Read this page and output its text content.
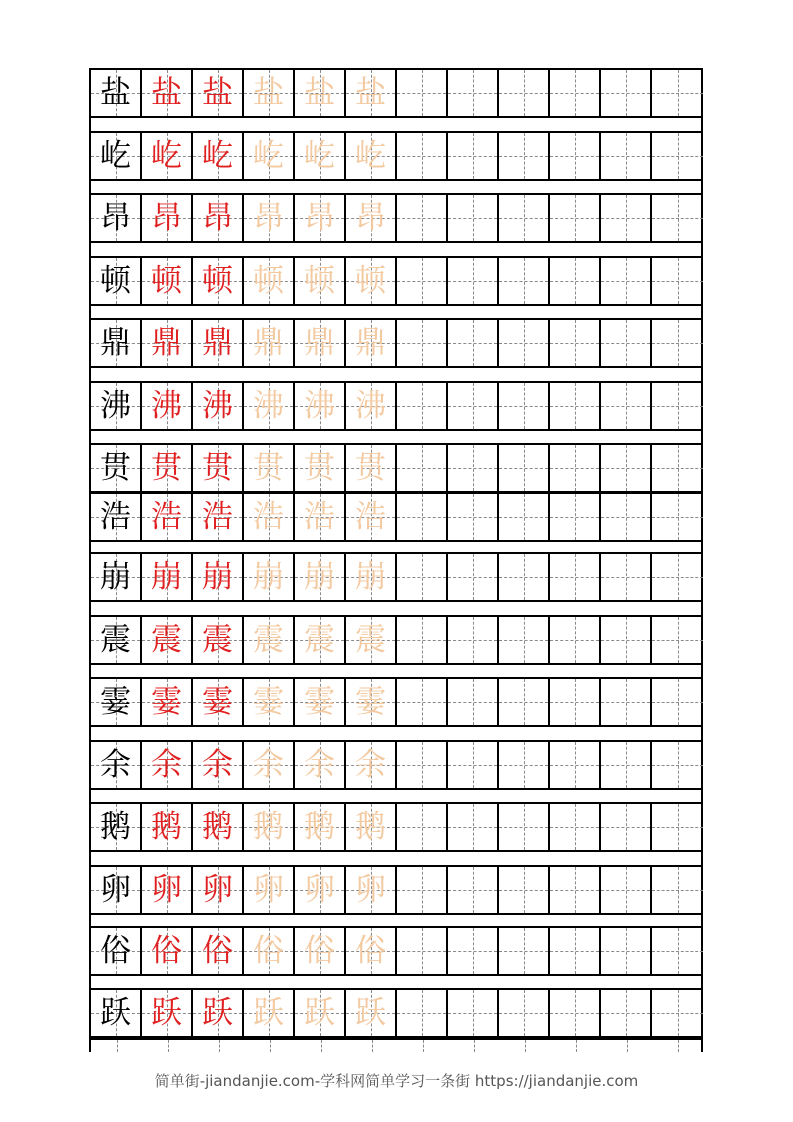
盐 盐 盐 盐 盐 盐
屹 屹 屹 屹 屹 屹
昂 昂 昂 昂 昂 昂
顿 顿 顿 顿 顿 顿
鼎 鼎 鼎 鼎 鼎 鼎
沸 沸 沸 沸 沸 沸
贯 贯 贯 贯 贯 贯
浩 浩 浩 浩 浩 浩
崩 崩 崩 崩 崩 崩
震 震 震 震 震 震
霎 霎 霎 霎 霎 霎
余 余 余 余 余 余
鹅 鹅 鹅 鹅 鹅 鹅
卵 卵 卵 卵 卵 卵
俗 俗 俗 俗 俗 俗
跃 跃 跃 跃 跃 跃
简单街-jiandanjie.com-学科网简单学习一条街 https://jiandanjie.com
